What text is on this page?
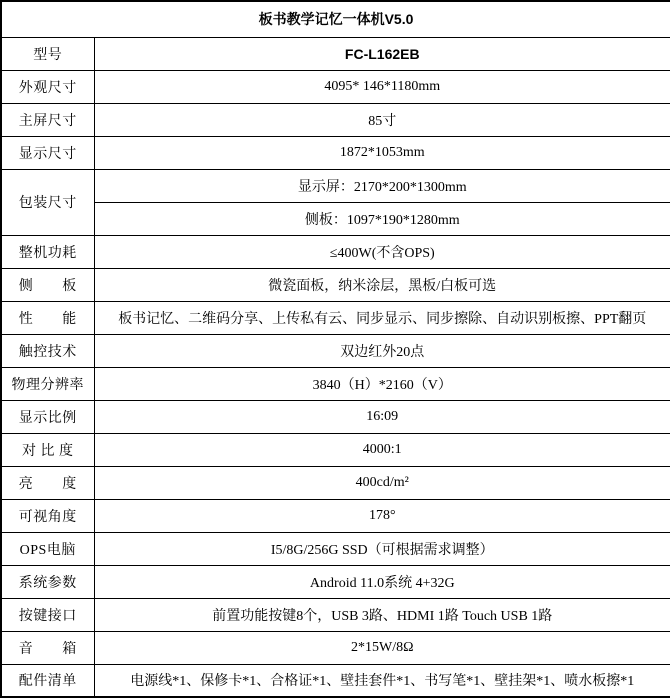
板书教学记忆一体机V5.0	
型号	FC-L162EB
外观尺寸	4095* 146*1180mm
主屏尺寸	85寸
显示尺寸	1872*1053mm
包装尺寸	显示屏：2170*200*1300mm
	侧板：1097*190*1280mm
整机功耗	≤400W(不含OPS)
侧　　板	微瓷面板，纳米涂层，黑板/白板可选
性　　能	板书记忆、二维码分享、上传私有云、同步显示、同步擦除、自动识别板擦、PPT翻页
触控技术	双边红外20点
物理分辨率	3840（H）*2160（V）
显示比例	16:09
对 比 度	4000:1
亮　　度	400cd/m²
可视角度	178°
OPS电脑	I5/8G/256G SSD（可根据需求调整）
系统参数	Android 11.0系统 4+32G
按键接口	前置功能按键8个，USB 3路、HDMI 1路 Touch USB 1路
音　　箱	2*15W/8Ω
配件清单	电源线*1、保修卡*1、合格证*1、壁挂套件*1、书写笔*1、壁挂架*1、喷水板擦*1
